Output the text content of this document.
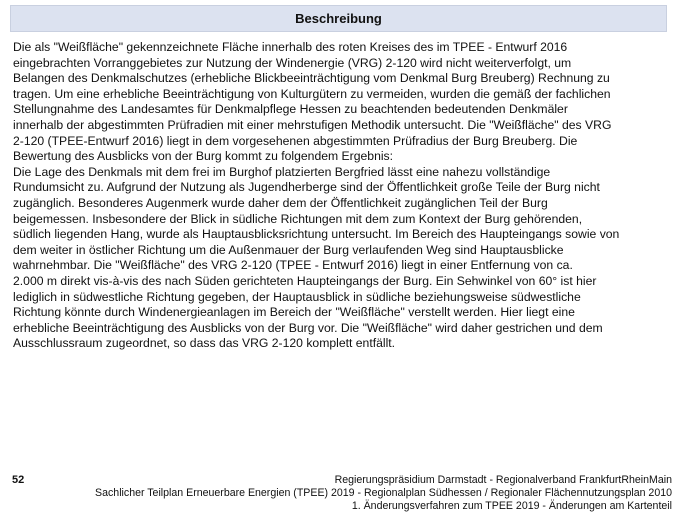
Beschreibung
Die als "Weißfläche" gekennzeichnete Fläche innerhalb des roten Kreises des im TPEE - Entwurf 2016
eingebrachten Vorranggebietes zur Nutzung der Windenergie (VRG) 2-120 wird nicht weiterverfolgt, um
Belangen des Denkmalschutzes (erhebliche Blickbeeinträchtigung vom Denkmal Burg Breuberg) Rechnung zu
tragen. Um eine erhebliche Beeinträchtigung von Kulturgütern zu vermeiden, wurden die gemäß der fachlichen
Stellungnahme des Landesamtes für Denkmalpflege Hessen zu beachtenden bedeutenden Denkmäler
innerhalb der abgestimmten Prüfradien mit einer mehrstufigen Methodik untersucht. Die "Weißfläche" des VRG
2-120 (TPEE-Entwurf 2016) liegt in dem vorgesehenen abgestimmten Prüfradius der Burg Breuberg. Die
Bewertung des Ausblicks von der Burg kommt zu folgendem Ergebnis:
Die Lage des Denkmals mit dem frei im Burghof platzierten Bergfried lässt eine nahezu vollständige
Rundumsicht zu. Aufgrund der Nutzung als Jugendherberge sind der Öffentlichkeit große Teile der Burg nicht
zugänglich. Besonderes Augenmerk wurde daher dem der Öffentlichkeit zugänglichen Teil der Burg
beigemessen. Insbesondere der Blick in südliche Richtungen mit dem zum Kontext der Burg gehörenden,
südlich liegenden Hang, wurde als Hauptausblicksrichtung untersucht. Im Bereich des Haupteingangs sowie von
dem weiter in östlicher Richtung um die Außenmauer der Burg verlaufenden Weg sind Hauptausblicke
wahrnehmbar. Die "Weißfläche" des VRG 2-120 (TPEE - Entwurf 2016) liegt in einer Entfernung von ca.
2.000 m direkt vis-à-vis des nach Süden gerichteten Haupteingangs der Burg. Ein Sehwinkel von 60° ist hier
lediglich in südwestliche Richtung gegeben, der Hauptausblick in südliche beziehungsweise südwestliche
Richtung könnte durch Windenergieanlagen im Bereich der "Weißfläche" verstellt werden. Hier liegt eine
erhebliche Beeinträchtigung des Ausblicks von der Burg vor. Die "Weißfläche" wird daher gestrichen und dem
Ausschlussraum zugeordnet, so dass das VRG 2-120 komplett entfällt.
52	Regierungspräsidium Darmstadt - Regionalverband FrankfurtRheinMain
Sachlicher Teilplan Erneuerbare Energien (TPEE) 2019 - Regionalplan Südhessen / Regionaler Flächennutzungsplan 2010
1. Änderungsverfahren zum TPEE 2019 - Änderungen am Kartenteil
